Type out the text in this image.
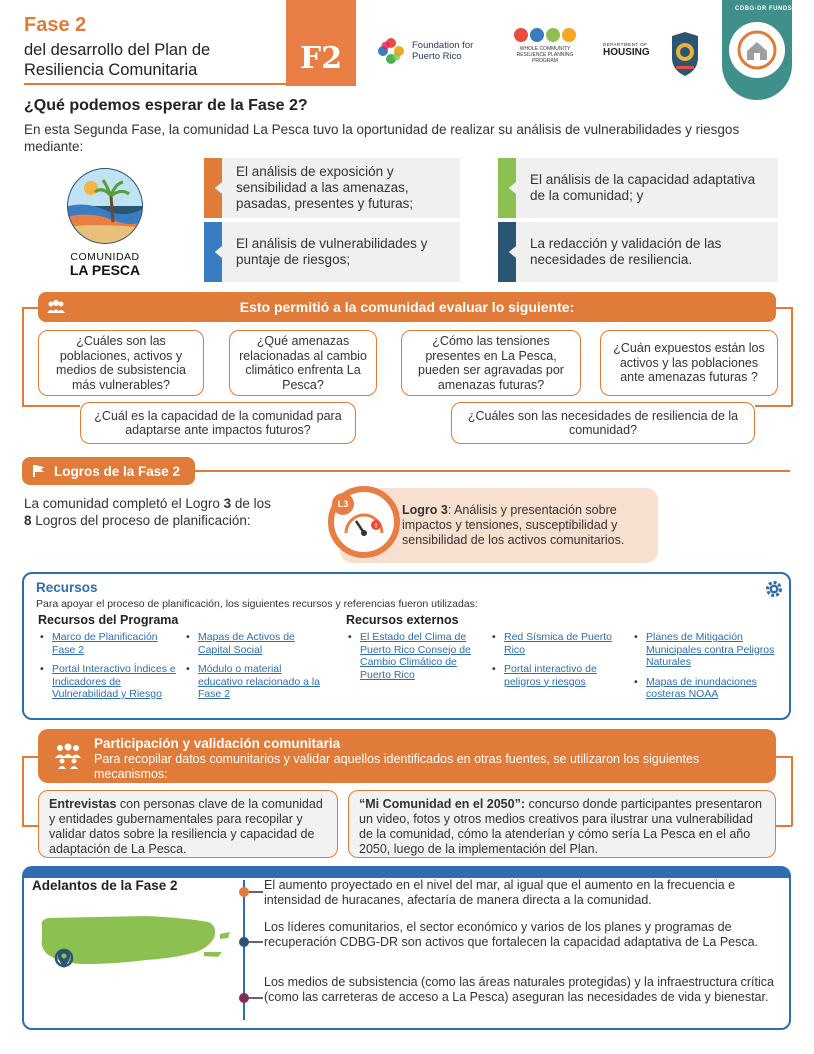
Fase 2
del desarrollo del Plan de Resiliencia Comunitaria	F2	Foundation for Puerto Rico
WHOLE COMMUNITY RESILIENCE PLANNING PROGRAM
DEPARTMENT OF
HOUSING
CDBG-DR FUNDS
¿Qué podemos esperar de la Fase 2?
En esta Segunda Fase, la comunidad La Pesca tuvo la oportunidad de realizar su análisis de vulnerabilidades y riesgos mediante:
COMUNIDAD
LA PESCA
El análisis de exposición y sensibilidad a las amenazas, pasadas, presentes y futuras;
El análisis de la capacidad adaptativa de la comunidad; y
El análisis de vulnerabilidades y puntaje de riesgos;
La redacción y validación de las necesidades de resiliencia.
Esto permitió a la comunidad evaluar lo siguiente:
¿Cuáles son las poblaciones, activos y medios de subsistencia más vulnerables?
¿Qué amenazas relacionadas al cambio climático enfrenta La Pesca?
¿Cómo las tensiones presentes en La Pesca, pueden ser agravadas por amenazas futuras?
¿Cuán expuestos están los activos y las poblaciones ante amenazas futuras ?
¿Cuál es la capacidad de la comunidad para adaptarse ante impactos futuros?
¿Cuáles son las necesidades de resiliencia de la comunidad?
Logros de la Fase 2
La comunidad completó el Logro 3 de los 8 Logros del proceso de planificación:
Logro 3: Análisis y presentación sobre impactos y tensiones, susceptibilidad y sensibilidad de los activos comunitarios.
!
L3
Recursos
Para apoyar el proceso de planificación, los siguientes recursos y referencias fueron utilizadas:
Recursos del Programa	Recursos externos
• Marco de Planificación Fase 2
• Portal Interactivo Índices e Indicadores de Vulnerabilidad y Riesgo
• Mapas de Activos de Capital Social
• Módulo o material educativo relacionado a la Fase 2
• El Estado del Clima de Puerto Rico Consejo de Cambio Climático de Puerto Rico
• Red Sísmica de Puerto Rico
• Portal interactivo de peligros y riesgos
• Planes de Mitigación Municipales contra Peligros Naturales
• Mapas de inundaciones costeras NOAA
Participación y validación comunitaria
Para recopilar datos comunitarios y validar aquellos identificados en otras fuentes, se utilizaron los siguientes mecanismos:
Entrevistas con personas clave de la comunidad y entidades gubernamentales para recopilar y validar datos sobre la resiliencia y capacidad de adaptación de La Pesca.
“Mi Comunidad en el 2050”: concurso donde participantes presentaron un video, fotos y otros medios creativos para ilustrar una vulnerabilidad de la comunidad, cómo la atenderían y cómo sería La Pesca en el año 2050, luego de la implementación del Plan.
Adelantos de la Fase 2	El aumento proyectado en el nivel del mar, al igual que el aumento en la frecuencia e intensidad de huracanes, afectaría de manera directa a la comunidad.
Los líderes comunitarios, el sector económico y varios de los planes y programas de recuperación CDBG-DR son activos que fortalecen la capacidad adaptativa de La Pesca.
Los medios de subsistencia (como las áreas naturales protegidas) y la infraestructura crítica (como las carreteras de acceso a La Pesca) aseguran las necesidades de vida y bienestar.
